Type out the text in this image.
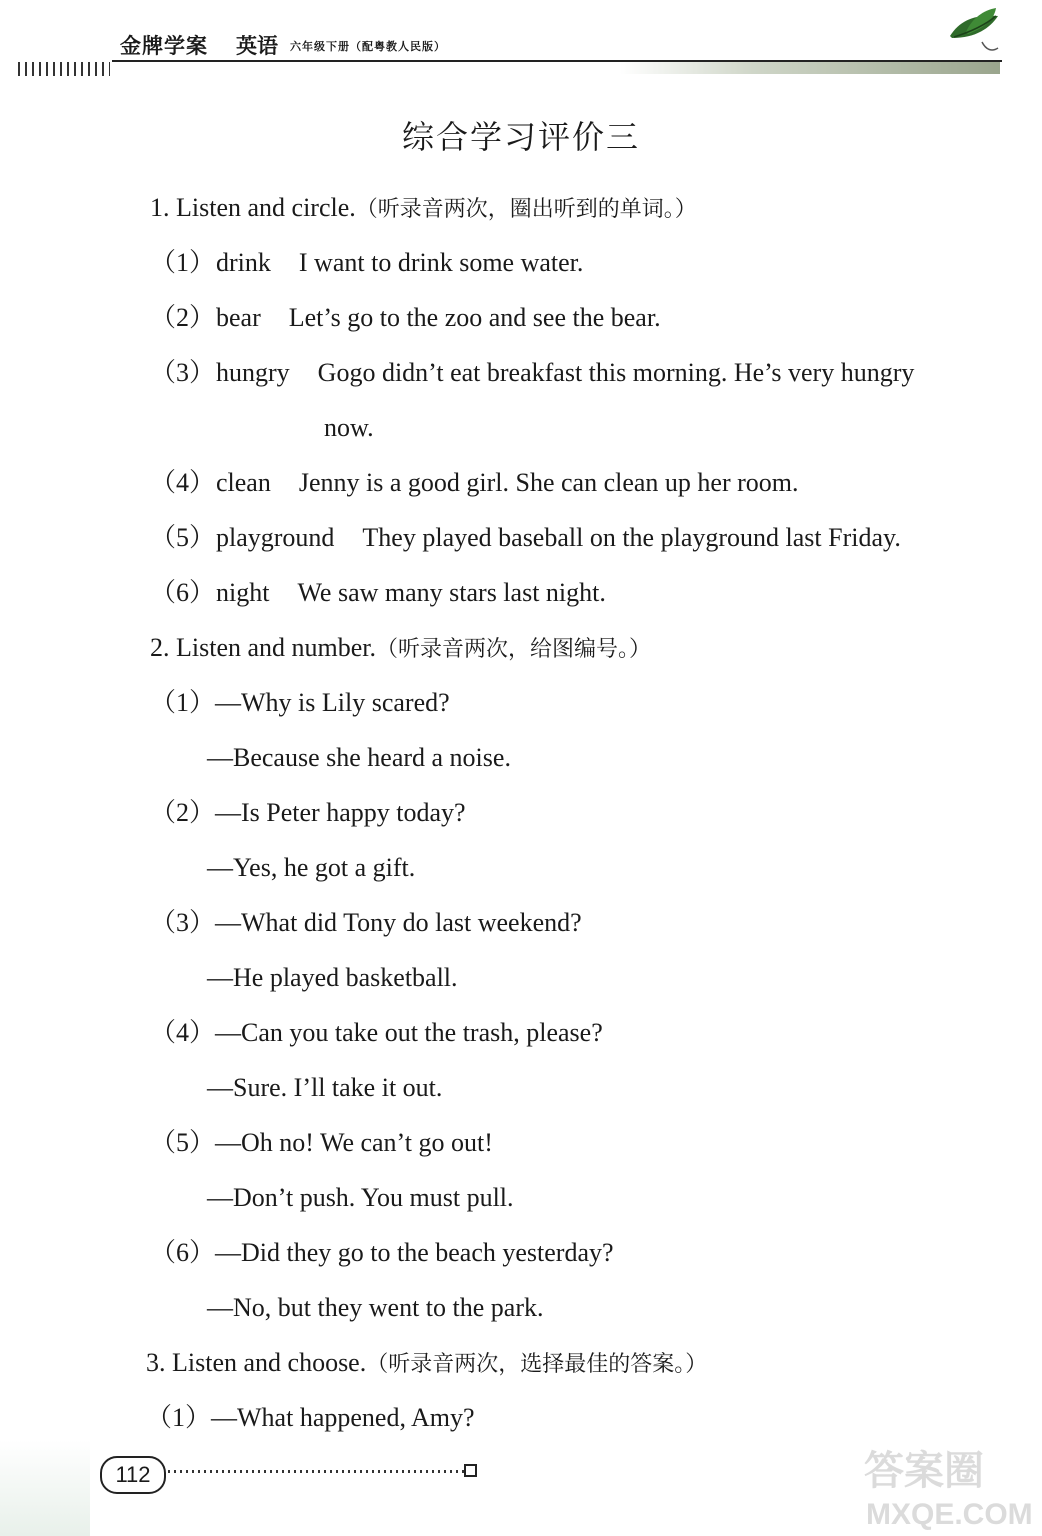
金牌学案 英语 六年级下册（配粤教人民版）
综合学习评价三
1. Listen and circle.（听录音两次，圈出听到的单词。）
（1）drink I want to drink some water.
（2）bear Let’s go to the zoo and see the bear.
（3）hungry Gogo didn’t eat breakfast this morning. He’s very hungry
now.
（4）clean Jenny is a good girl. She can clean up her room.
（5）playground They played baseball on the playground last Friday.
（6）night We saw many stars last night.
2. Listen and number.（听录音两次，给图编号。）
（1）—Why is Lily scared?
—Because she heard a noise.
（2）—Is Peter happy today?
—Yes, he got a gift.
（3）—What did Tony do last weekend?
—He played basketball.
（4）—Can you take out the trash, please?
—Sure. I’ll take it out.
（5）—Oh no! We can’t go out!
—Don’t push. You must pull.
（6）—Did they go to the beach yesterday?
—No, but they went to the park.
3. Listen and choose.（听录音两次，选择最佳的答案。）
（1）—What happened, Amy?
112	答案圈
MXQE.COM
